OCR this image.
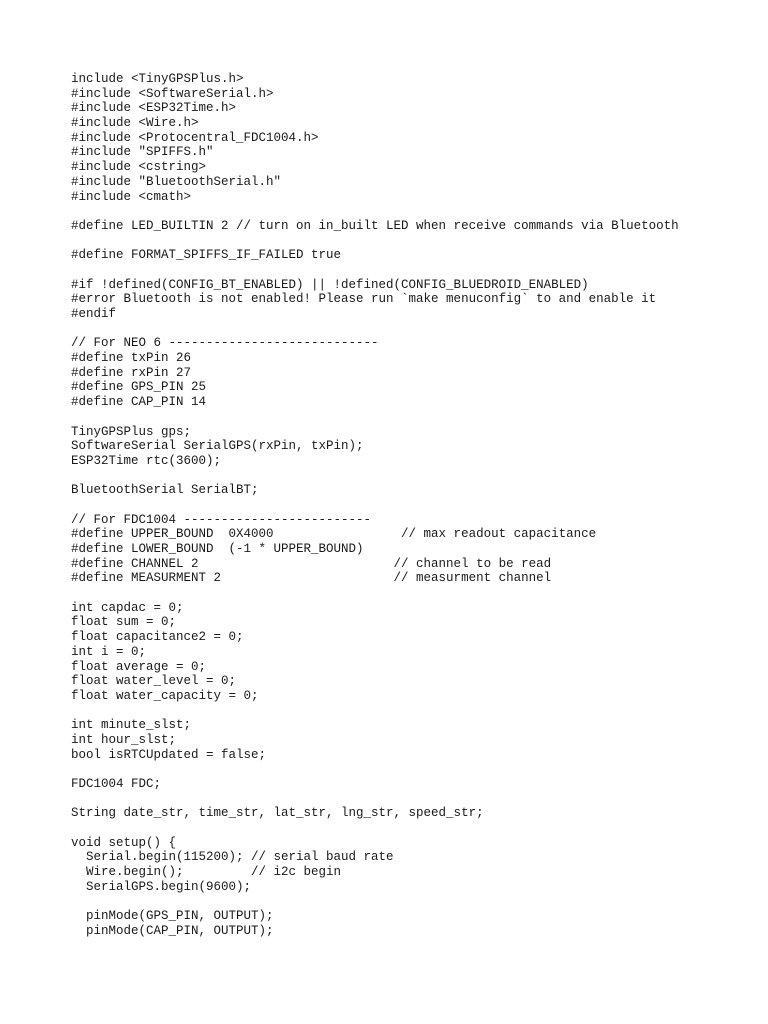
include <TinyGPSPlus.h>
#include <SoftwareSerial.h>
#include <ESP32Time.h>
#include <Wire.h>
#include <Protocentral_FDC1004.h>
#include "SPIFFS.h"
#include <cstring>
#include "BluetoothSerial.h"
#include <cmath>
#define LED_BUILTIN 2 // turn on in_built LED when receive commands via Bluetooth
#define FORMAT_SPIFFS_IF_FAILED true
#if !defined(CONFIG_BT_ENABLED) || !defined(CONFIG_BLUEDROID_ENABLED)
#error Bluetooth is not enabled! Please run `make menuconfig` to and enable it
#endif
// For NEO 6 ----------------------------
#define txPin 26
#define rxPin 27
#define GPS_PIN 25
#define CAP_PIN 14
TinyGPSPlus gps;
SoftwareSerial SerialGPS(rxPin, txPin);
ESP32Time rtc(3600);
BluetoothSerial SerialBT;
// For FDC1004 -------------------------
#define UPPER_BOUND  0X4000                 // max readout capacitance
#define LOWER_BOUND  (-1 * UPPER_BOUND)
#define CHANNEL 2                          // channel to be read
#define MEASURMENT 2                       // measurment channel
int capdac = 0;
float sum = 0;
float capacitance2 = 0;
int i = 0;
float average = 0;
float water_level = 0;
float water_capacity = 0;
int minute_slst;
int hour_slst;
bool isRTCUpdated = false;
FDC1004 FDC;
String date_str, time_str, lat_str, lng_str, speed_str;
void setup() {
Serial.begin(115200); // serial baud rate
Wire.begin();         // i2c begin
SerialGPS.begin(9600);
pinMode(GPS_PIN, OUTPUT);
pinMode(CAP_PIN, OUTPUT);
